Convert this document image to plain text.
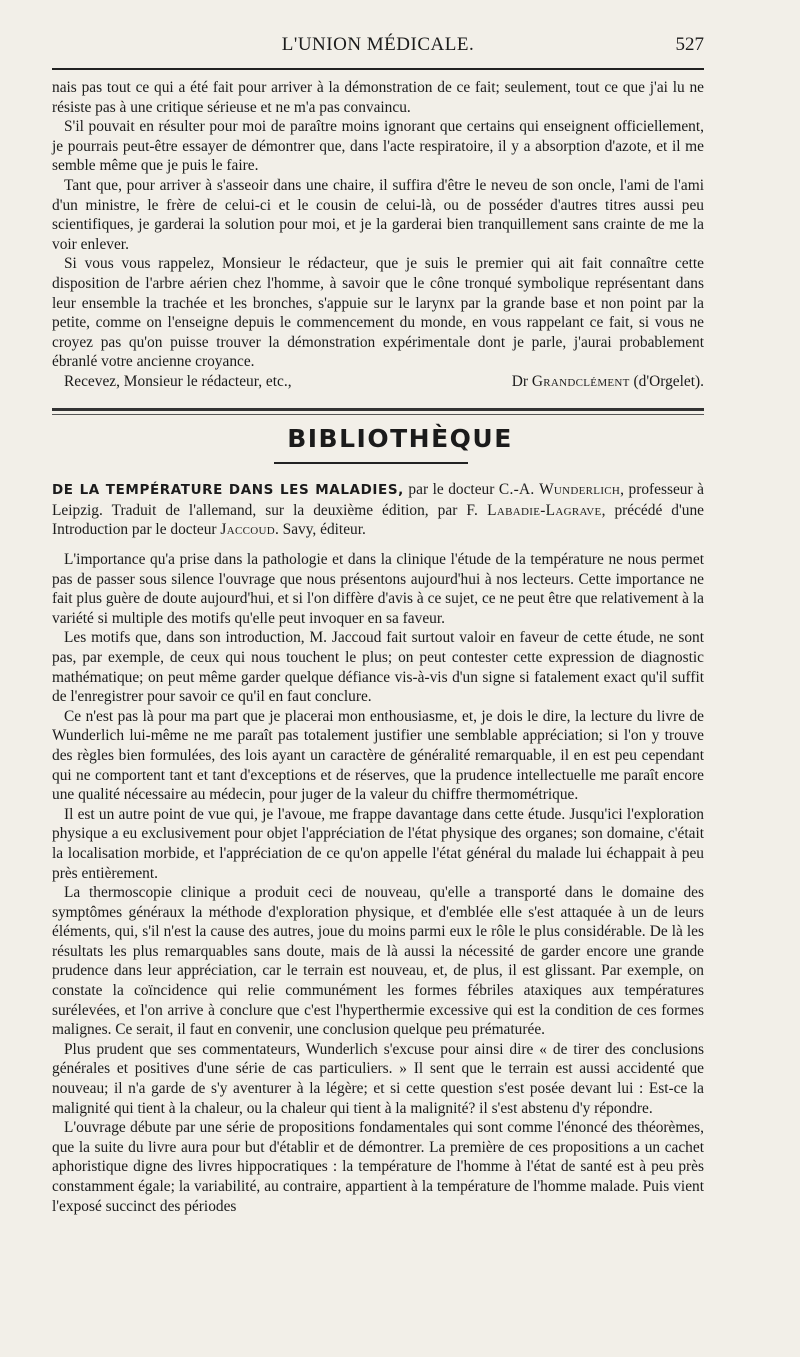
L'UNION MÉDICALE.	527

nais pas tout ce qui a été fait pour arriver à la démonstration de ce fait; seulement, tout ce que j'ai lu ne résiste pas à une critique sérieuse et ne m'a pas convaincu.

S'il pouvait en résulter pour moi de paraître moins ignorant que certains qui enseignent officiellement, je pourrais peut-être essayer de démontrer que, dans l'acte respiratoire, il y a absorption d'azote, et il me semble même que je puis le faire.

Tant que, pour arriver à s'asseoir dans une chaire, il suffira d'être le neveu de son oncle, l'ami de l'ami d'un ministre, le frère de celui-ci et le cousin de celui-là, ou de posséder d'autres titres aussi peu scientifiques, je garderai la solution pour moi, et je la garderai bien tranquillement sans crainte de me la voir enlever.

Si vous vous rappelez, Monsieur le rédacteur, que je suis le premier qui ait fait connaître cette disposition de l'arbre aérien chez l'homme, à savoir que le cône tronqué symbolique représentant dans leur ensemble la trachée et les bronches, s'appuie sur le larynx par la grande base et non point par la petite, comme on l'enseigne depuis le commencement du monde, en vous rappelant ce fait, si vous ne croyez pas qu'on puisse trouver la démonstration expérimentale dont je parle, j'aurai probablement ébranlé votre ancienne croyance.

Recevez, Monsieur le rédacteur, etc.,	Dr Grandclément (d'Orgelet).

BIBLIOTHÈQUE

DE LA TEMPÉRATURE DANS LES MALADIES, par le docteur C.-A. Wunderlich, professeur à Leipzig. Traduit de l'allemand, sur la deuxième édition, par F. Labadie-Lagrave, précédé d'une Introduction par le docteur Jaccoud. Savy, éditeur.

L'importance qu'a prise dans la pathologie et dans la clinique l'étude de la température ne nous permet pas de passer sous silence l'ouvrage que nous présentons aujourd'hui à nos lecteurs. Cette importance ne fait plus guère de doute aujourd'hui, et si l'on diffère d'avis à ce sujet, ce ne peut être que relativement à la variété si multiple des motifs qu'elle peut invoquer en sa faveur.

Les motifs que, dans son introduction, M. Jaccoud fait surtout valoir en faveur de cette étude, ne sont pas, par exemple, de ceux qui nous touchent le plus; on peut contester cette expression de diagnostic mathématique; on peut même garder quelque défiance vis-à-vis d'un signe si fatalement exact qu'il suffit de l'enregistrer pour savoir ce qu'il en faut conclure.

Ce n'est pas là pour ma part que je placerai mon enthousiasme, et, je dois le dire, la lecture du livre de Wunderlich lui-même ne me paraît pas totalement justifier une semblable appréciation; si l'on y trouve des règles bien formulées, des lois ayant un caractère de généralité remarquable, il en est peu cependant qui ne comportent tant et tant d'exceptions et de réserves, que la prudence intellectuelle me paraît encore une qualité nécessaire au médecin, pour juger de la valeur du chiffre thermométrique.

Il est un autre point de vue qui, je l'avoue, me frappe davantage dans cette étude. Jusqu'ici l'exploration physique a eu exclusivement pour objet l'appréciation de l'état physique des organes; son domaine, c'était la localisation morbide, et l'appréciation de ce qu'on appelle l'état général du malade lui échappait à peu près entièrement.

La thermoscopie clinique a produit ceci de nouveau, qu'elle a transporté dans le domaine des symptômes généraux la méthode d'exploration physique, et d'emblée elle s'est attaquée à un de leurs éléments, qui, s'il n'est la cause des autres, joue du moins parmi eux le rôle le plus considérable. De là les résultats les plus remarquables sans doute, mais de là aussi la nécessité de garder encore une grande prudence dans leur appréciation, car le terrain est nouveau, et, de plus, il est glissant. Par exemple, on constate la coïncidence qui relie communément les formes fébriles ataxiques aux températures surélevées, et l'on arrive à conclure que c'est l'hyperthermie excessive qui est la condition de ces formes malignes. Ce serait, il faut en convenir, une conclusion quelque peu prématurée.

Plus prudent que ses commentateurs, Wunderlich s'excuse pour ainsi dire « de tirer des conclusions générales et positives d'une série de cas particuliers. » Il sent que le terrain est aussi accidenté que nouveau; il n'a garde de s'y aventurer à la légère; et si cette question s'est posée devant lui : Est-ce la malignité qui tient à la chaleur, ou la chaleur qui tient à la malignité? il s'est abstenu d'y répondre.

L'ouvrage débute par une série de propositions fondamentales qui sont comme l'énoncé des théorèmes, que la suite du livre aura pour but d'établir et de démontrer. La première de ces propositions a un cachet aphoristique digne des livres hippocratiques : la température de l'homme à l'état de santé est à peu près constamment égale; la variabilité, au contraire, appartient à la température de l'homme malade. Puis vient l'exposé succinct des périodes
